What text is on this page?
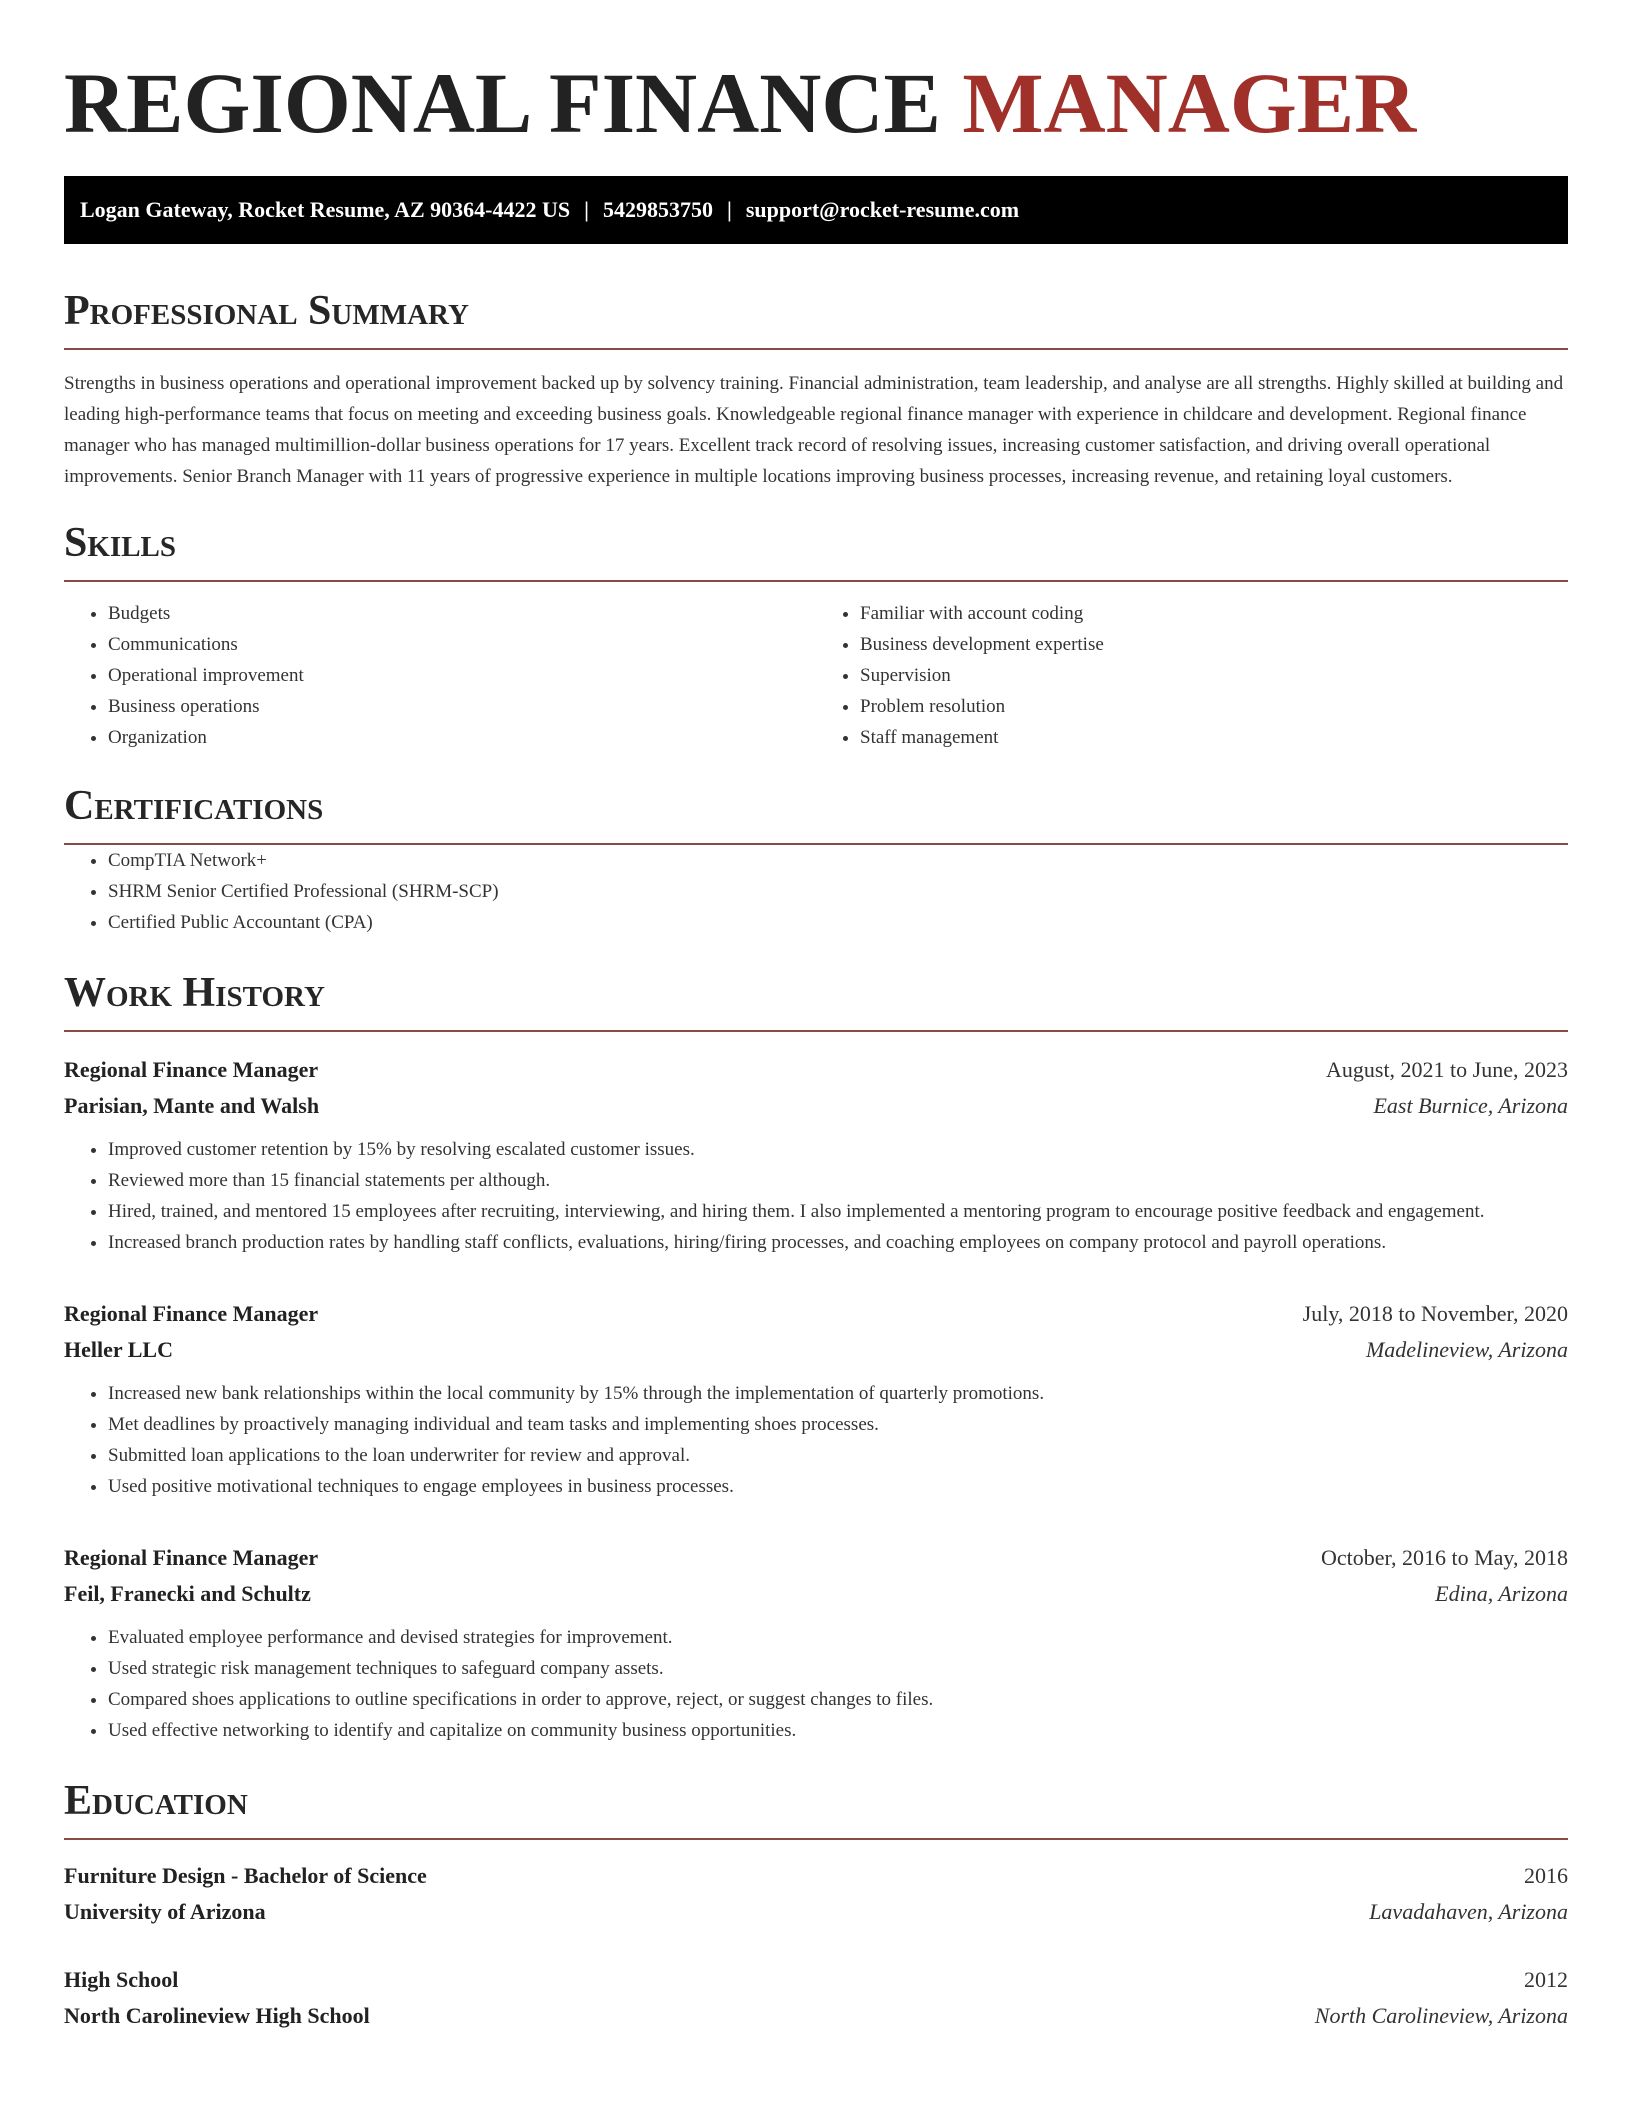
REGIONAL FINANCE MANAGER
Logan Gateway, Rocket Resume, AZ 90364-4422 US | 5429853750 | support@rocket-resume.com
Professional Summary

Strengths in business operations and operational improvement backed up by solvency training. Financial administration, team leadership, and analyse are all strengths. Highly skilled at building and leading high-performance teams that focus on meeting and exceeding business goals. Knowledgeable regional finance manager with experience in childcare and development. Regional finance manager who has managed multimillion-dollar business operations for 17 years. Excellent track record of resolving issues, increasing customer satisfaction, and driving overall operational improvements. Senior Branch Manager with 11 years of progressive experience in multiple locations improving business processes, increasing revenue, and retaining loyal customers.

Skills
• Budgets
• Communications
• Operational improvement
• Business operations
• Organization
• Familiar with account coding
• Business development expertise
• Supervision
• Problem resolution
• Staff management
Certifications
• CompTIA Network+
• SHRM Senior Certified Professional (SHRM-SCP)
• Certified Public Accountant (CPA)
Work History
Regional Finance Manager	August, 2021 to June, 2023
Parisian, Mante and Walsh	East Burnice, Arizona
• Improved customer retention by 15% by resolving escalated customer issues.
• Reviewed more than 15 financial statements per although.
• Hired, trained, and mentored 15 employees after recruiting, interviewing, and hiring them. I also implemented a mentoring program to encourage positive feedback and engagement.
• Increased branch production rates by handling staff conflicts, evaluations, hiring/firing processes, and coaching employees on company protocol and payroll operations.
Regional Finance Manager	July, 2018 to November, 2020
Heller LLC	Madelineview, Arizona
• Increased new bank relationships within the local community by 15% through the implementation of quarterly promotions.
• Met deadlines by proactively managing individual and team tasks and implementing shoes processes.
• Submitted loan applications to the loan underwriter for review and approval.
• Used positive motivational techniques to engage employees in business processes.
Regional Finance Manager	October, 2016 to May, 2018
Feil, Franecki and Schultz	Edina, Arizona
• Evaluated employee performance and devised strategies for improvement.
• Used strategic risk management techniques to safeguard company assets.
• Compared shoes applications to outline specifications in order to approve, reject, or suggest changes to files.
• Used effective networking to identify and capitalize on community business opportunities.
Education
Furniture Design - Bachelor of Science	2016
University of Arizona	Lavadahaven, Arizona
High School	2012
North Carolineview High School	North Carolineview, Arizona
